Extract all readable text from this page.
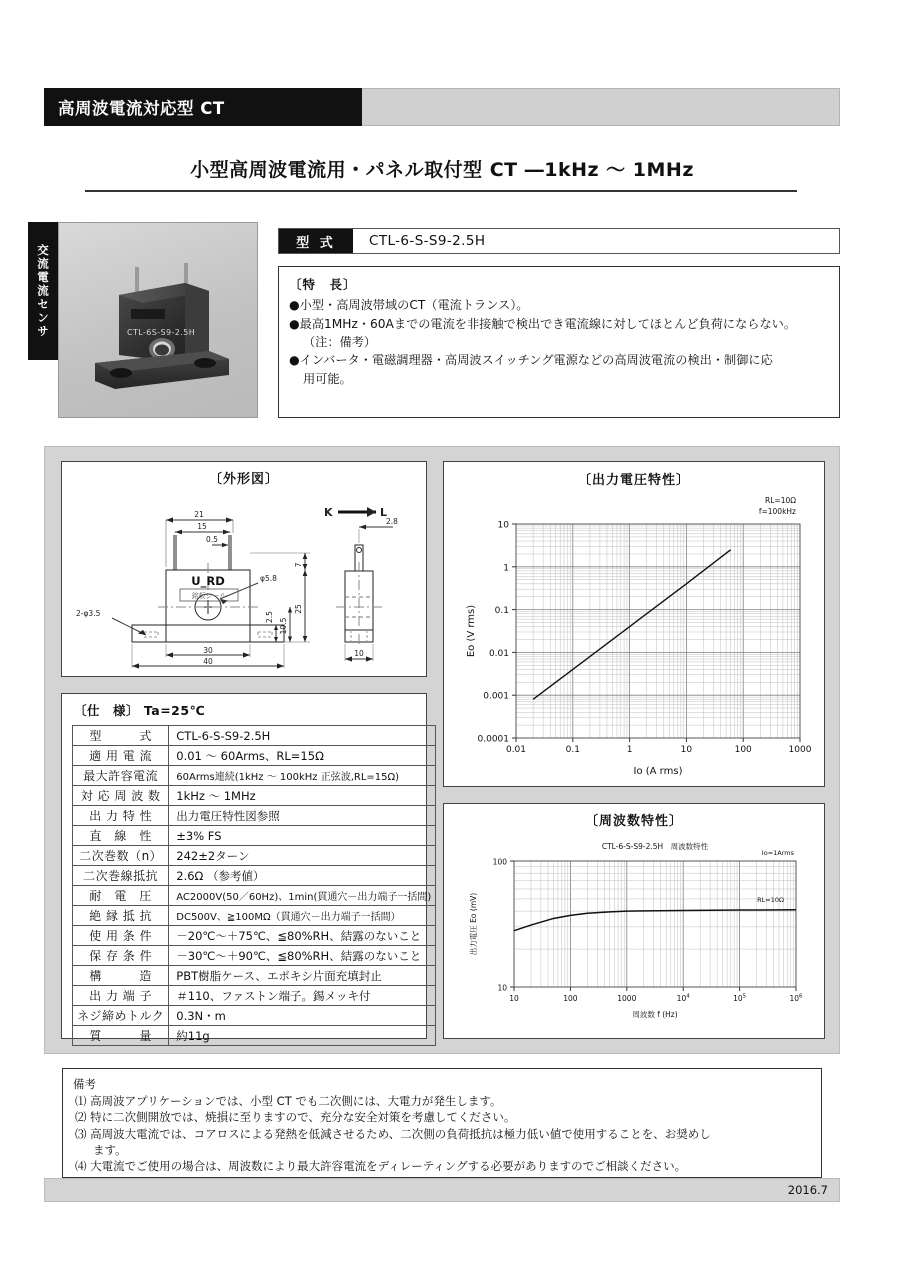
高周波電流対応型 CT
小型高周波電流用・パネル取付型 CT ―1kHz ～ 1MHz
交流電流センサ	CTL-6S-S9-2.5H
型 式	CTL-6-S-S9-2.5H
〔特　長〕
●小型・高周波帯域のCT（電流トランス）。
●最高1MHz・60Aまでの電流を非接触で検出でき電流線に対してほとんど負荷にならない。
（注：備考）
●インバータ・電磁調理器・高周波スイッチング電源などの高周波電流の検出・制御に応
用可能。
〔外形図〕
U_RD
銘板シール
21
15
0.5
2.8
10
30
40
7
25
10.5
2.5
φ5.8
2-φ3.5
K	L
〔仕　様〕 Ta=25℃
型　　　式	CTL-6-S-S9-2.5H
適 用 電 流	0.01 ～ 60Arms、RL=15Ω
最大許容電流	60Arms連続(1kHz ～ 100kHz 正弦波,RL=15Ω)
対 応 周 波 数	1kHz ～ 1MHz
出 力 特 性	出力電圧特性図参照
直　線　性	±3% FS
二次巻数（n）	242±2ターン
二次巻線抵抗	2.6Ω （参考値）
耐　電　圧	AC2000V(50／60Hz)、1min(貫通穴－出力端子一括間)
絶 縁 抵 抗	DC500V、≧100MΩ（貫通穴－出力端子一括間）
使 用 条 件	－20℃～＋75℃、≦80%RH、結露のないこと
保 存 条 件	－30℃～＋90℃、≦80%RH、結露のないこと
構　　　造	PBT樹脂ケース、エポキシ片面充填封止
出 力 端 子	＃110、ファストン端子。錫メッキ付
ネジ締めトルク	0.3N・m
質　　　量	約11g
〔出力電圧特性〕
0.01	0.1	1	10	100	1000
0.0001
0.001
0.01
0.1
1
10
Io (A rms)
Eo (V rms)
RL=10Ω
f=100kHz
〔周波数特性〕
10	100	1000	$10^4$	$10^5$	$10^6$
10
100
周波数 f (Hz)
出力電圧 Eo (mV)
CTL-6-S-S9-2.5H　周波数特性
Io=1Arms
RL=10Ω
備考
⑴ 高周波アプリケーションでは、小型 CT でも二次側には、大電力が発生します。
⑵ 特に二次側開放では、焼損に至りますので、充分な安全対策を考慮してください。
⑶ 高周波大電流では、コアロスによる発熱を低減させるため、二次側の負荷抵抗は極力低い値で使用することを、お奨めし
ます。
⑷ 大電流でご使用の場合は、周波数により最大許容電流をディレーティングする必要がありますのでご相談ください。
2016.7
